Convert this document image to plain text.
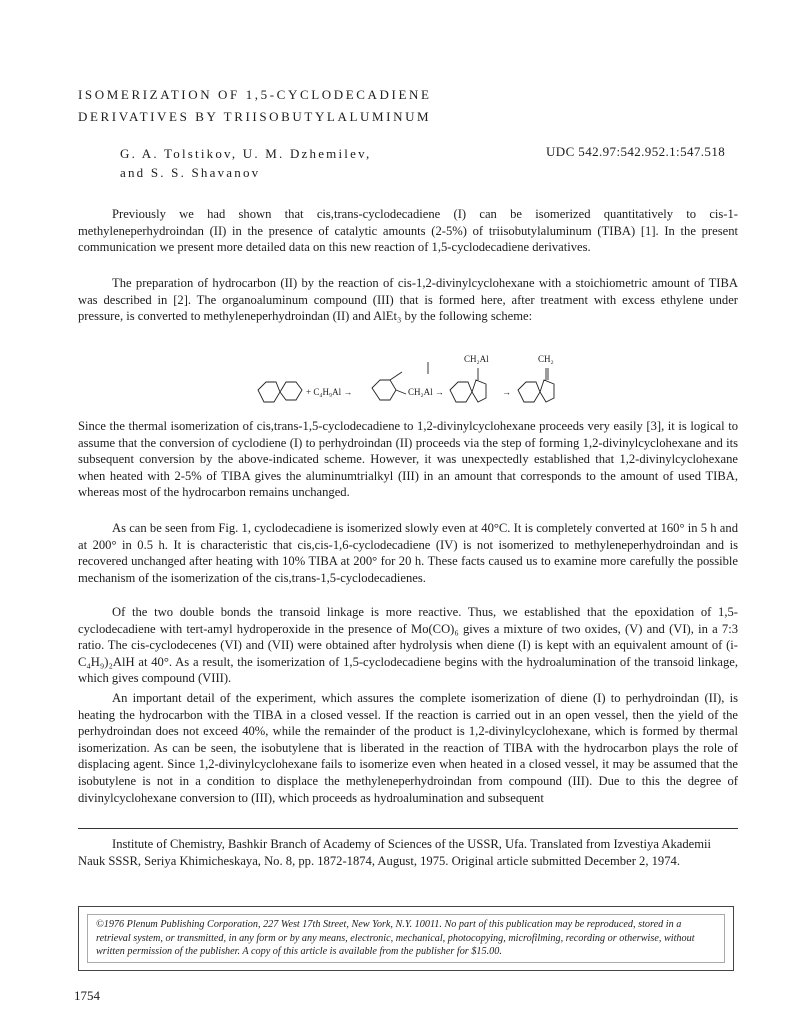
ISOMERIZATION OF 1,5-CYCLODECADIENE
DERIVATIVES BY TRIISOBUTYLALUMINUM
G. A. Tolstikov, U. M. Dzhemilev,
and S. S. Shavanov
UDC 542.97:542.952.1:547.518

Previously we had shown that cis,trans-cyclodecadiene (I) can be isomerized quantitatively to cis-1-methyleneperhydroindan (II) in the presence of catalytic amounts (2-5%) of triisobutylaluminum (TIBA) [1]. In the present communication we present more detailed data on this new reaction of 1,5-cyclodecadiene derivatives.

The preparation of hydrocarbon (II) by the reaction of cis-1,2-divinylcyclohexane with a stoichiometric amount of TIBA was described in [2]. The organoaluminum compound (III) that is formed here, after treatment with excess ethylene under pressure, is converted to methyleneperhydroindan (II) and AlEt₃ by the following scheme:

+ C₄H₉Al →	CH₂Al →
CH₂Al
→
CH₂

Since the thermal isomerization of cis,trans-1,5-cyclodecadiene to 1,2-divinylcyclohexane proceeds very easily [3], it is logical to assume that the conversion of cyclodiene (I) to perhydroindan (II) proceeds via the step of forming 1,2-divinylcyclohexane and its subsequent conversion by the above-indicated scheme. However, it was unexpectedly established that 1,2-divinylcyclohexane when heated with 2-5% of TIBA gives the aluminumtrialkyl (III) in an amount that corresponds to the amount of used TIBA, whereas most of the hydrocarbon remains unchanged.

As can be seen from Fig. 1, cyclodecadiene is isomerized slowly even at 40°C. It is completely converted at 160° in 5 h and at 200° in 0.5 h. It is characteristic that cis,cis-1,6-cyclodecadiene (IV) is not isomerized to methyleneperhydroindan and is recovered unchanged after heating with 10% TIBA at 200° for 20 h. These facts caused us to examine more carefully the possible mechanism of the isomerization of the cis,trans-1,5-cyclodecadienes.

Of the two double bonds the transoid linkage is more reactive. Thus, we established that the epoxidation of 1,5-cyclodecadiene with tert-amyl hydroperoxide in the presence of Mo(CO)₆ gives a mixture of two oxides, (V) and (VI), in a 7:3 ratio. The cis-cyclodecenes (VI) and (VII) were obtained after hydrolysis when diene (I) is kept with an equivalent amount of (i-C₄H₉)₂AlH at 40°. As a result, the isomerization of 1,5-cyclodecadiene begins with the hydroalumination of the transoid linkage, which gives compound (VIII).

An important detail of the experiment, which assures the complete isomerization of diene (I) to perhydroindan (II), is heating the hydrocarbon with the TIBA in a closed vessel. If the reaction is carried out in an open vessel, then the yield of the perhydroindan does not exceed 40%, while the remainder of the product is 1,2-divinylcyclohexane, which is formed by thermal isomerization. As can be seen, the isobutylene that is liberated in the reaction of TIBA with the hydrocarbon plays the role of displacing agent. Since 1,2-divinylcyclohexane fails to isomerize even when heated in a closed vessel, it may be assumed that the isobutylene is not in a condition to displace the methyleneperhydroindan from compound (III). Due to this the degree of divinylcyclohexane conversion to (III), which proceeds as hydroalumination and subsequent

Institute of Chemistry, Bashkir Branch of Academy of Sciences of the USSR, Ufa. Translated from Izvestiya Akademii Nauk SSSR, Seriya Khimicheskaya, No. 8, pp. 1872-1874, August, 1975. Original article submitted December 2, 1974.

©1976 Plenum Publishing Corporation, 227 West 17th Street, New York, N.Y. 10011. No part of this publication may be reproduced, stored in a retrieval system, or transmitted, in any form or by any means, electronic, mechanical, photocopying, microfilming, recording or otherwise, without written permission of the publisher. A copy of this article is available from the publisher for $15.00.
1754
